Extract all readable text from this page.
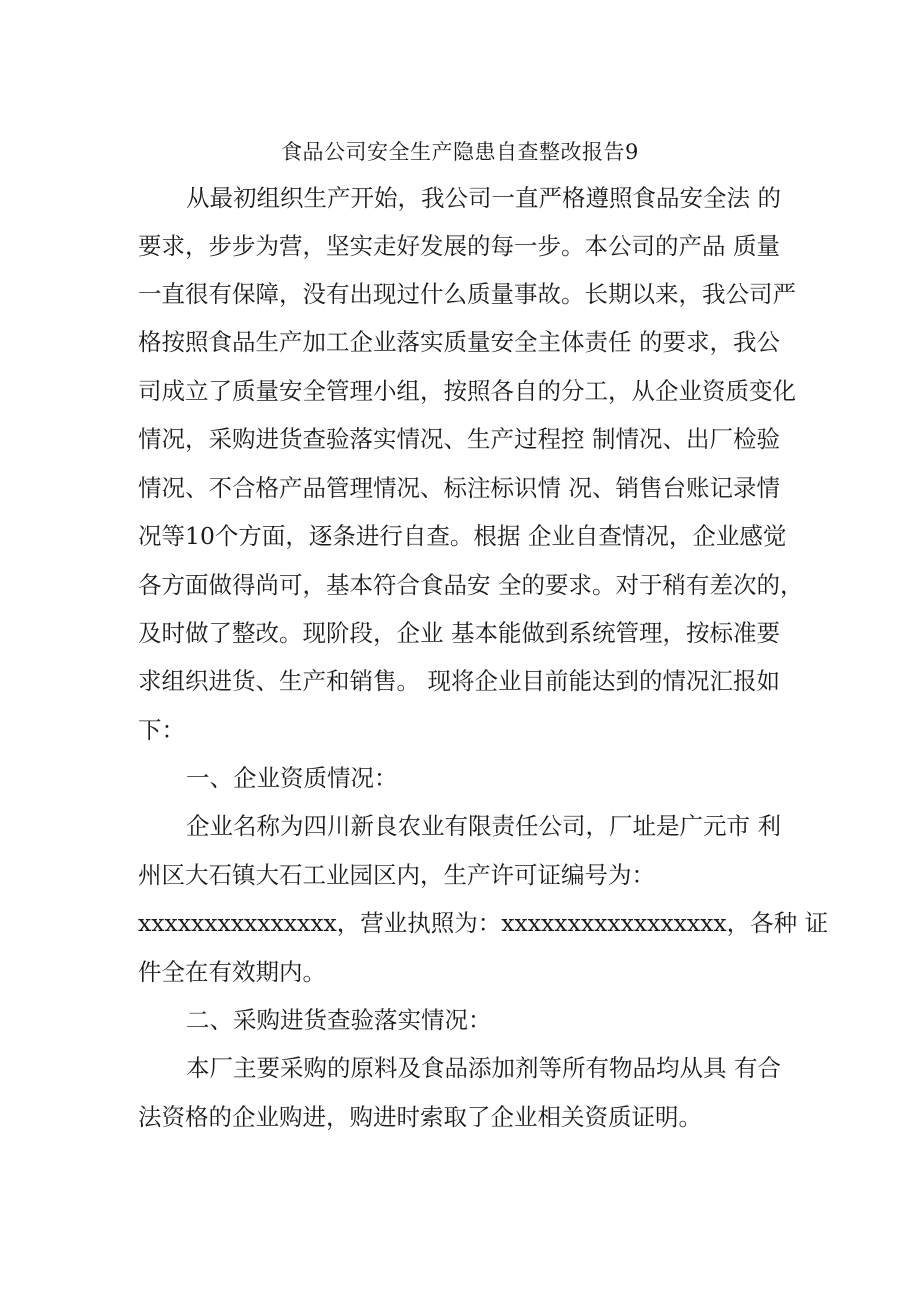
食品公司安全生产隐患自查整改报告9
从最初组织生产开始，我公司一直严格遵照食品安全法 的
要求，步步为营，坚实走好发展的每一步。本公司的产品 质量
一直很有保障，没有出现过什么质量事故。长期以来，我公司严
格按照食品生产加工企业落实质量安全主体责任 的要求，我公
司成立了质量安全管理小组，按照各自的分工，从企业资质变化
情况，采购进货查验落实情况、生产过程控 制情况、出厂检验
情况、不合格产品管理情况、标注标识情 况、销售台账记录情
况等10个方面，逐条进行自查。根据 企业自查情况，企业感觉
各方面做得尚可，基本符合食品安 全的要求。对于稍有差次的，
及时做了整改。现阶段，企业 基本能做到系统管理，按标准要
求组织进货、生产和销售。 现将企业目前能达到的情况汇报如
下：
一、企业资质情况：
企业名称为四川新良农业有限责任公司，厂址是广元市 利
州区大石镇大石工业园区内，生产许可证编号为：
xxxxxxxxxxxxxxx，营业执照为：xxxxxxxxxxxxxxxxx，各种 证
件全在有效期内。
二、采购进货查验落实情况：
本厂主要采购的原料及食品添加剂等所有物品均从具 有合
法资格的企业购进，购进时索取了企业相关资质证明。
